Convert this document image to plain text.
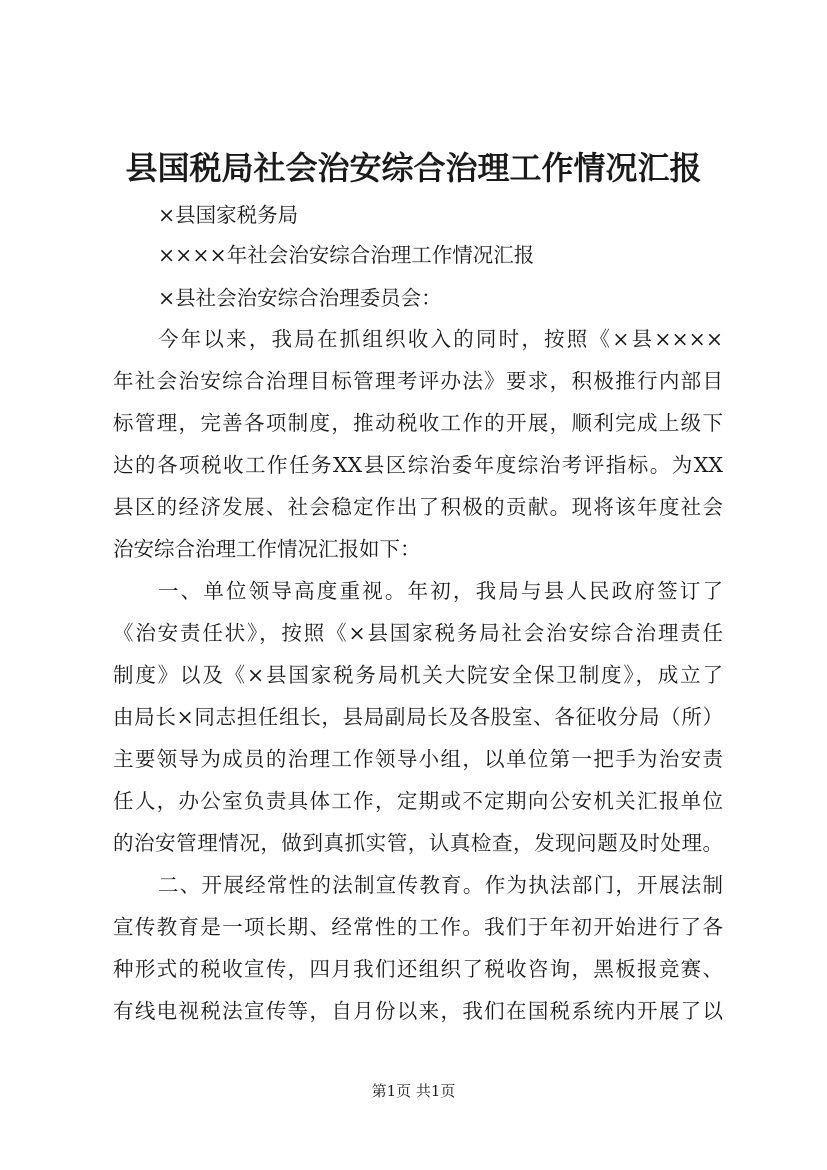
县国税局社会治安综合治理工作情况汇报
×县国家税务局
××××年社会治安综合治理工作情况汇报
×县社会治安综合治理委员会：
今年以来，我局在抓组织收入的同时，按照《×县××××
年社会治安综合治理目标管理考评办法》要求，积极推行内部目
标管理，完善各项制度，推动税收工作的开展，顺利完成上级下
达的各项税收工作任务XX县区综治委年度综治考评指标。为XX
县区的经济发展、社会稳定作出了积极的贡献。现将该年度社会
治安综合治理工作情况汇报如下：
一、单位领导高度重视。年初，我局与县人民政府签订了
《治安责任状》，按照《×县国家税务局社会治安综合治理责任
制度》以及《×县国家税务局机关大院安全保卫制度》，成立了
由局长×同志担任组长，县局副局长及各股室、各征收分局（所）
主要领导为成员的治理工作领导小组，以单位第一把手为治安责
任人，办公室负责具体工作，定期或不定期向公安机关汇报单位
的治安管理情况，做到真抓实管，认真检查，发现问题及时处理。
二、开展经常性的法制宣传教育。作为执法部门，开展法制
宣传教育是一项长期、经常性的工作。我们于年初开始进行了各
种形式的税收宣传，四月我们还组织了税收咨询，黑板报竞赛、
有线电视税法宣传等，自月份以来，我们在国税系统内开展了以
第1页 共1页
